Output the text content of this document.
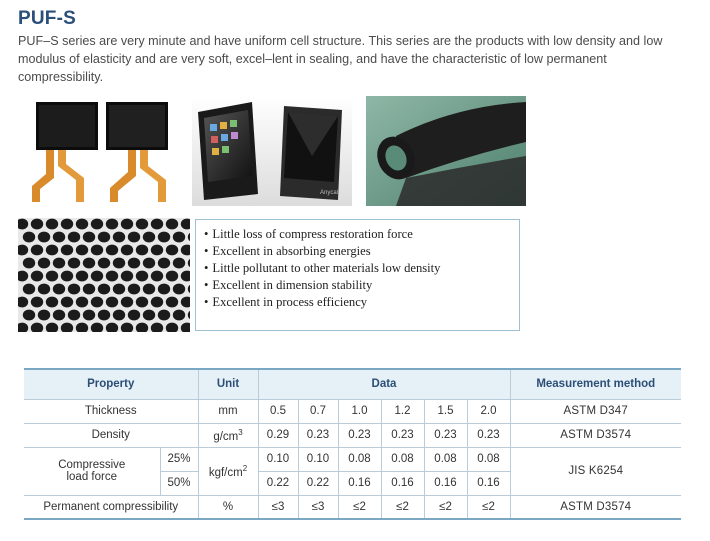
PUF-S
PUF–S series are very minute and have uniform cell structure. This series are the products with low density and low modulus of elasticity and are very soft, excel–lent in sealing, and have the characteristic of low permanent compressibility.
Anycall
• Little loss of compress restoration force
• Excellent in absorbing energies
• Little pollutant to other materials low density
• Excellent in dimension stability
• Excellent in process efficiency
Property		Unit	Data						Measurement method
Thickness		mm	0.5	0.7	1.0	1.2	1.5	2.0	ASTM D347
Density		$g/cm^3$	0.29	0.23	0.23	0.23	0.23	0.23	ASTM D3574

Compressive
load force	25%	kgf/$cm^2$	0.10	0.10	0.08	0.08	0.08	0.08	JIS K6254
	50%		0.22	0.22	0.16	0.16	0.16	0.16	
Permanent compressibility		%	≤3	≤3	≤2	≤2	≤2	≤2	ASTM D3574
